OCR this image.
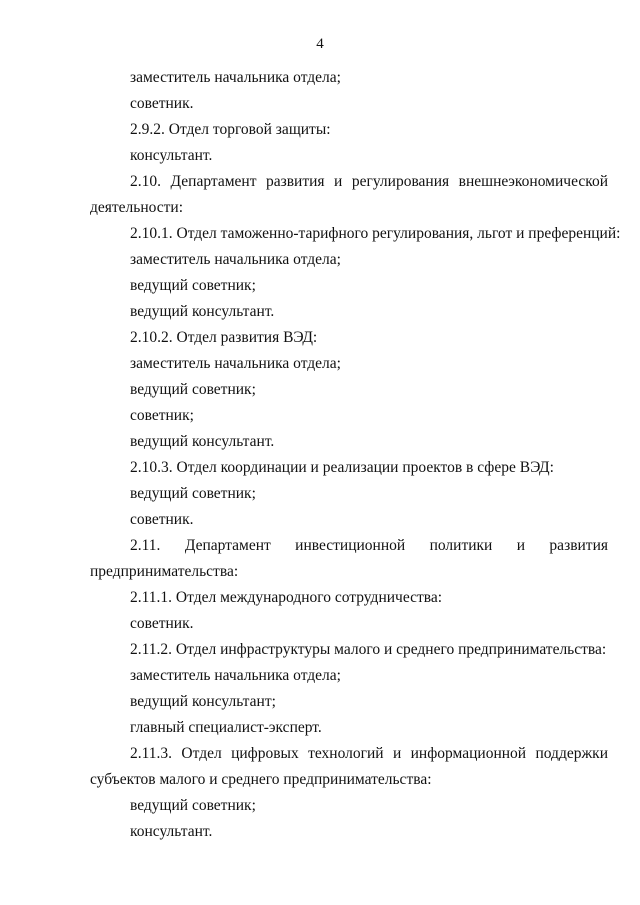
4
заместитель начальника отдела;
советник.
2.9.2. Отдел торговой защиты:
консультант.
2.10. Департамент развития и регулирования внешнеэкономической
деятельности:
2.10.1. Отдел таможенно-тарифного регулирования, льгот и преференций:
заместитель начальника отдела;
ведущий советник;
ведущий консультант.
2.10.2. Отдел развития ВЭД:
заместитель начальника отдела;
ведущий советник;
советник;
ведущий консультант.
2.10.3. Отдел координации и реализации проектов в сфере ВЭД:
ведущий советник;
советник.
2.11. Департамент инвестиционной политики и развития
предпринимательства:
2.11.1. Отдел международного сотрудничества:
советник.
2.11.2. Отдел инфраструктуры малого и среднего предпринимательства:
заместитель начальника отдела;
ведущий консультант;
главный специалист-эксперт.
2.11.3. Отдел цифровых технологий и информационной поддержки
субъектов малого и среднего предпринимательства:
ведущий советник;
консультант.
